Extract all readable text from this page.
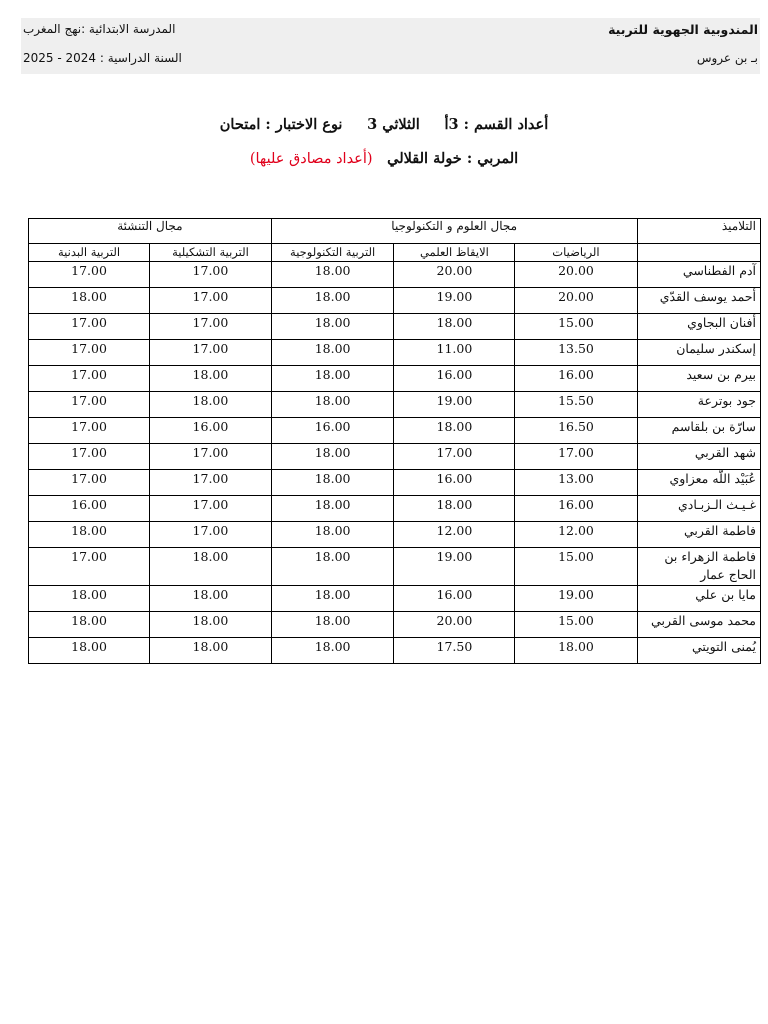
المندوبية الجهوية للتربية
بـ بن عروس
المدرسة الابتدائية :نهج المغرب
السنة الدراسية : 2024 - 2025
أعداد القسم : 3أ الثلاثي 3 نوع الاختبار : امتحان
المربي : خولة القلالي (أعداد مصادق عليها)
التلاميذ	مجال العلوم و التكنولوجيا			مجال التنشئة	
	الرياضيات	الايقاظ العلمي	التربية التكنولوجية	التربية التشكيلية	التربية البدنية
آدم الفطناسي	20.00	20.00	18.00	17.00	17.00
أحمد يوسف القدّي	20.00	19.00	18.00	17.00	18.00
أفنان البجاوي	15.00	18.00	18.00	17.00	17.00
إسكندر سليمان	13.50	11.00	18.00	17.00	17.00
بيرم بن سعيد	16.00	16.00	18.00	18.00	17.00
جود بوترعة	15.50	19.00	18.00	18.00	17.00
سارّة بن بلقاسم	16.50	18.00	16.00	16.00	17.00
شهد القربي	17.00	17.00	18.00	17.00	17.00
عُبَيْد اللّه معزاوي	13.00	16.00	18.00	17.00	17.00
غـيـث الـزبـادي	16.00	18.00	18.00	17.00	16.00
فاطمة القربي	12.00	12.00	18.00	17.00	18.00
فاطمة الزهراء بن الحاج عمار	15.00	19.00	18.00	18.00	17.00
مايا بن علي	19.00	16.00	18.00	18.00	18.00
محمد موسى القربي	15.00	20.00	18.00	18.00	18.00
يُمنى التويتي	18.00	17.50	18.00	18.00	18.00
